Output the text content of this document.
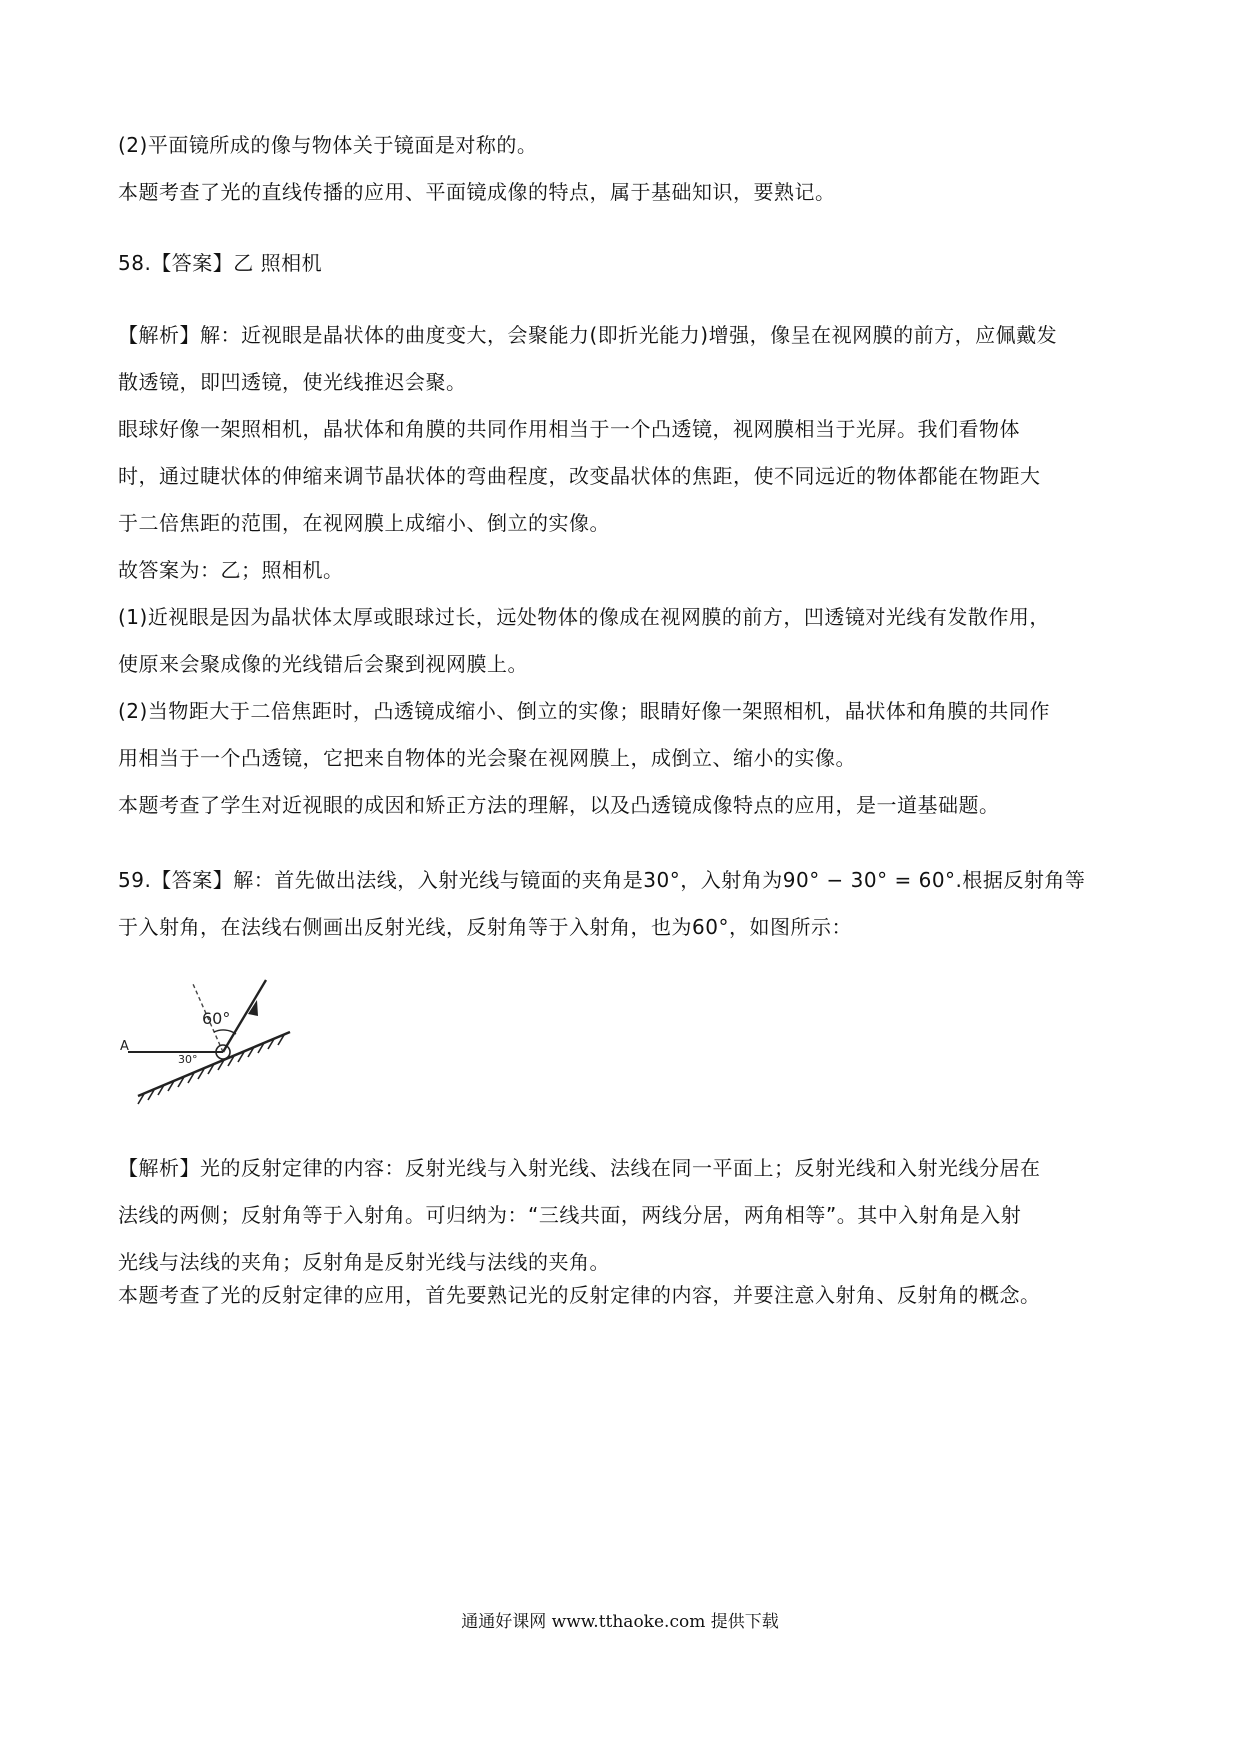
(2)平面镜所成的像与物体关于镜面是对称的。
本题考查了光的直线传播的应用、平面镜成像的特点，属于基础知识，要熟记。
58.【答案】乙 照相机
【解析】解：近视眼是晶状体的曲度变大，会聚能力(即折光能力)增强，像呈在视网膜的前方，应佩戴发
散透镜，即凹透镜，使光线推迟会聚。
眼球好像一架照相机，晶状体和角膜的共同作用相当于一个凸透镜，视网膜相当于光屏。我们看物体
时，通过睫状体的伸缩来调节晶状体的弯曲程度，改变晶状体的焦距，使不同远近的物体都能在物距大
于二倍焦距的范围，在视网膜上成缩小、倒立的实像。
故答案为：乙；照相机。
(1)近视眼是因为晶状体太厚或眼球过长，远处物体的像成在视网膜的前方，凹透镜对光线有发散作用，
使原来会聚成像的光线错后会聚到视网膜上。
(2)当物距大于二倍焦距时，凸透镜成缩小、倒立的实像；眼睛好像一架照相机，晶状体和角膜的共同作
用相当于一个凸透镜，它把来自物体的光会聚在视网膜上，成倒立、缩小的实像。
本题考查了学生对近视眼的成因和矫正方法的理解，以及凸透镜成像特点的应用，是一道基础题。
59.【答案】解：首先做出法线，入射光线与镜面的夹角是30°，入射角为90° − 30° = 60°.根据反射角等
于入射角，在法线右侧画出反射光线，反射角等于入射角，也为60°，如图所示：
60°
A
30°
【解析】光的反射定律的内容：反射光线与入射光线、法线在同一平面上；反射光线和入射光线分居在
法线的两侧；反射角等于入射角。可归纳为：“三线共面，两线分居，两角相等”。其中入射角是入射
光线与法线的夹角；反射角是反射光线与法线的夹角。
本题考查了光的反射定律的应用，首先要熟记光的反射定律的内容，并要注意入射角、反射角的概念。
通通好课网 www.tthaoke.com 提供下载
